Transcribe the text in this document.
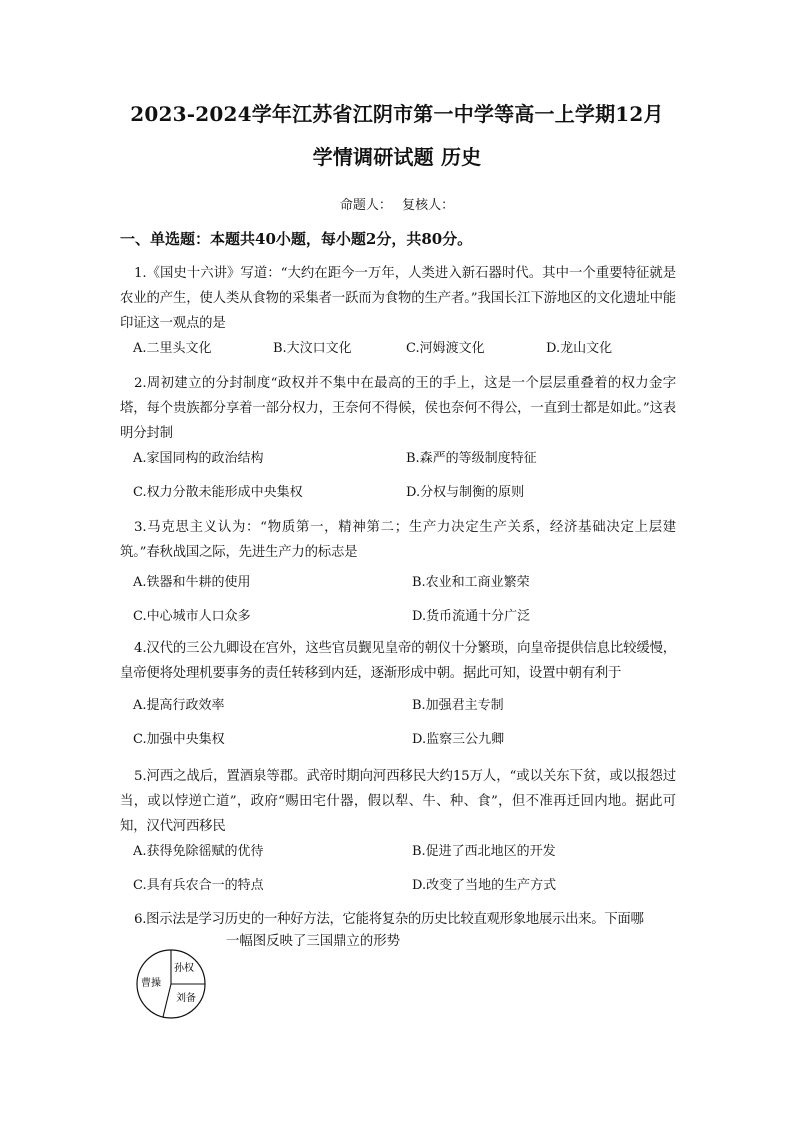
2023-2024学年江苏省江阴市第一中学等高一上学期12月
学情调研试题 历史
命题人： 复核人：
一、单选题：本题共40小题，每小题2分，共80分。
1.《国史十六讲》写道：“大约在距今一万年，人类进入新石器时代。其中一个重要特征就是农业的产生，使人类从食物的采集者一跃而为食物的生产者。”我国长江下游地区的文化遗址中能印证这一观点的是
A.二里头文化	B.大汶口文化	C.河姆渡文化	D.龙山文化
2.周初建立的分封制度“政权并不集中在最高的王的手上，这是一个层层重叠着的权力金字塔，每个贵族都分享着一部分权力，王奈何不得候，侯也奈何不得公，一直到士都是如此。”这表明分封制
A.家国同构的政治结构	B.森严的等级制度特征
C.权力分散未能形成中央集权	D.分权与制衡的原则
3.马克思主义认为：“物质第一，精神第二；生产力决定生产关系，经济基础决定上层建筑。”春秋战国之际，先进生产力的标志是
A.铁器和牛耕的使用	B.农业和工商业繁荣
C.中心城市人口众多	D.货币流通十分广泛
4.汉代的三公九卿设在宫外，这些官员觐见皇帝的朝仪十分繁琐，向皇帝提供信息比较缓慢，皇帝便将处理机要事务的责任转移到内廷，逐渐形成中朝。据此可知，设置中朝有利于
A.提高行政效率	B.加强君主专制
C.加强中央集权	D.监察三公九卿
5.河西之战后，置酒泉等郡。武帝时期向河西移民大约15万人，“或以关东下贫，或以报怨过当，或以悖逆亡道”，政府“赐田宅什器，假以犁、牛、种、食”，但不准再迁回内地。据此可知，汉代河西移民
A.获得免除徭赋的优待	B.促进了西北地区的开发
C.具有兵农合一的特点	D.改变了当地的生产方式
6.图示法是学习历史的一种好方法，它能将复杂的历史比较直观形象地展示出来。下面哪
一幅图反映了三国鼎立的形势
孙权
曹操
刘备
